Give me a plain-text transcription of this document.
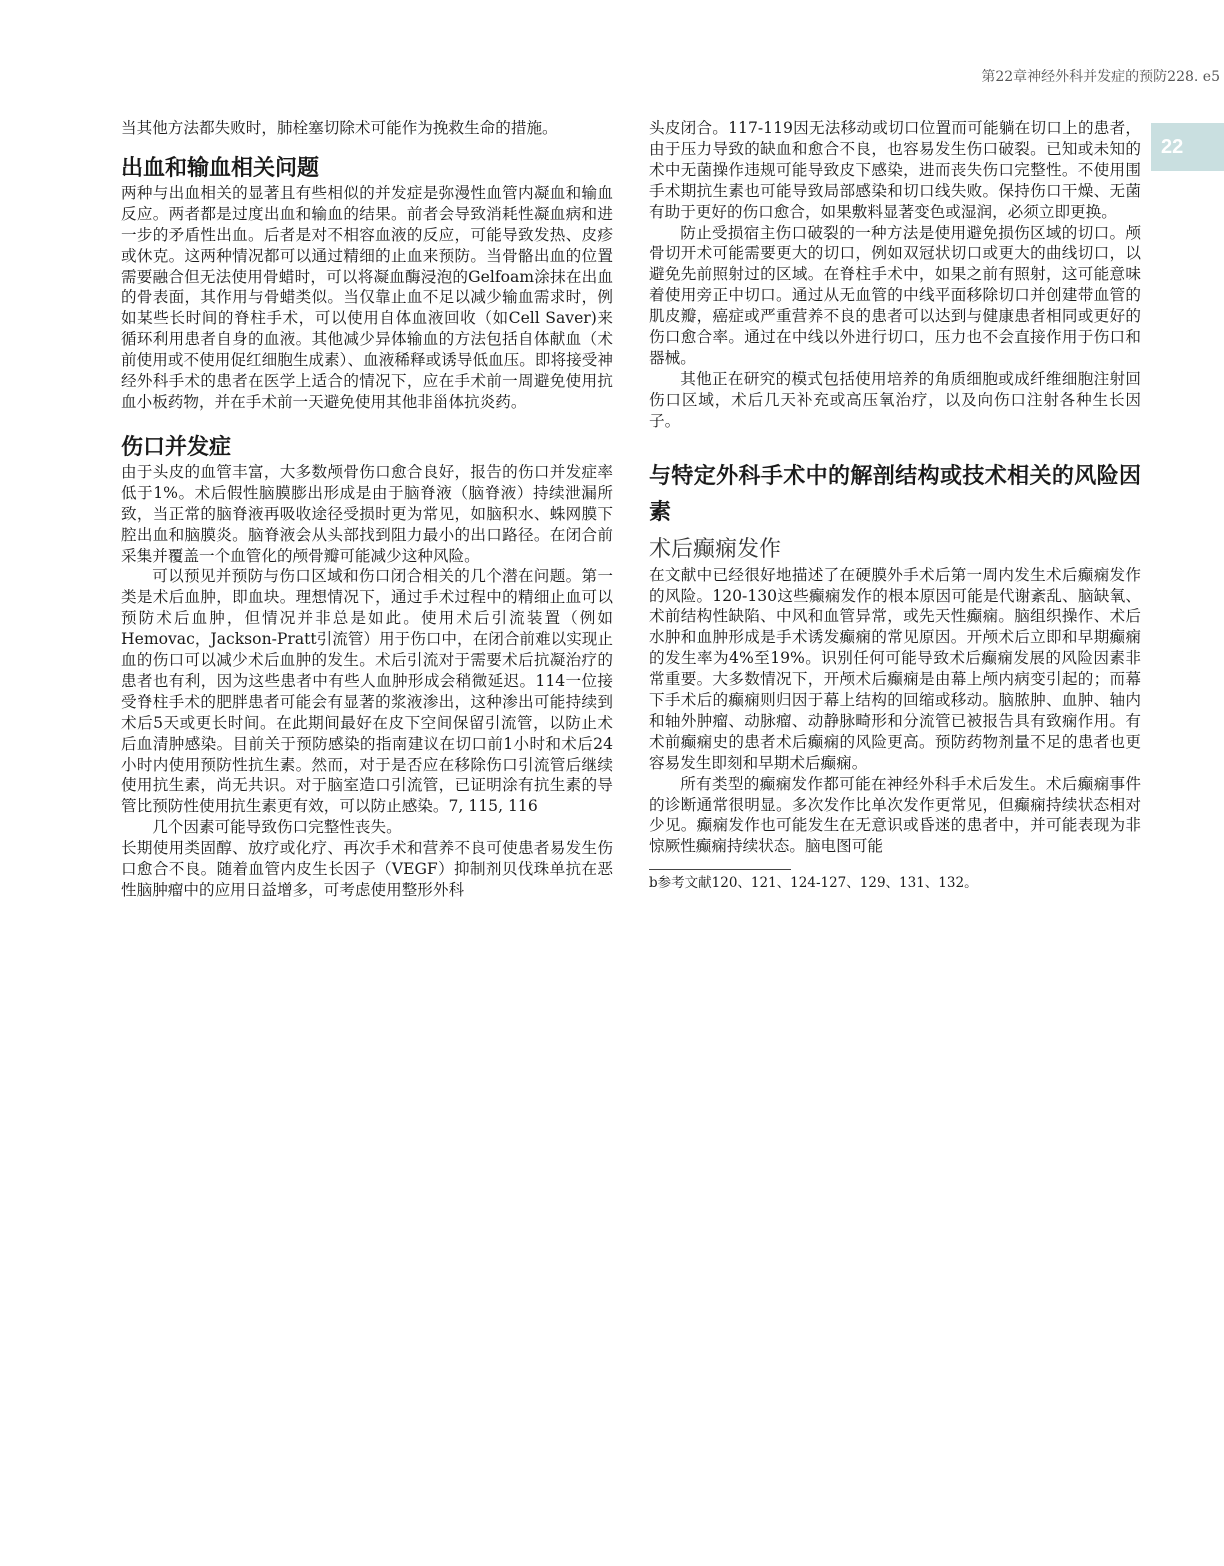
第22章神经外科并发症的预防228. e5
22

当其他方法都失败时，肺栓塞切除术可能作为挽救生命的措施。

出血和输血相关问题

两种与出血相关的显著且有些相似的并发症是弥漫性血管内凝血和输血反应。两者都是过度出血和输血的结果。前者会导致消耗性凝血病和进一步的矛盾性出血。后者是对不相容血液的反应，可能导致发热、皮疹或休克。这两种情况都可以通过精细的止血来预防。当骨骼出血的位置需要融合但无法使用骨蜡时，可以将凝血酶浸泡的Gelfoam涂抹在出血的骨表面，其作用与骨蜡类似。当仅靠止血不足以减少输血需求时，例如某些长时间的脊柱手术，可以使用自体血液回收（如Cell Saver)来循环利用患者自身的血液。其他减少异体输血的方法包括自体献血（术前使用或不使用促红细胞生成素）、血液稀释或诱导低血压。即将接受神经外科手术的患者在医学上适合的情况下，应在手术前一周避免使用抗血小板药物，并在手术前一天避免使用其他非甾体抗炎药。

伤口并发症

由于头皮的血管丰富，大多数颅骨伤口愈合良好，报告的伤口并发症率低于1%。术后假性脑膜膨出形成是由于脑脊液（脑脊液）持续泄漏所致，当正常的脑脊液再吸收途径受损时更为常见，如脑积水、蛛网膜下腔出血和脑膜炎。脑脊液会从头部找到阻力最小的出口路径。在闭合前采集并覆盖一个血管化的颅骨瓣可能减少这种风险。

可以预见并预防与伤口区域和伤口闭合相关的几个潜在问题。第一类是术后血肿，即血块。理想情况下，通过手术过程中的精细止血可以预防术后血肿，但情况并非总是如此。使用术后引流装置（例如Hemovac，Jackson-Pratt引流管）用于伤口中，在闭合前难以实现止血的伤口可以减少术后血肿的发生。术后引流对于需要术后抗凝治疗的患者也有利，因为这些患者中有些人血肿形成会稍微延迟。114一位接受脊柱手术的肥胖患者可能会有显著的浆液渗出，这种渗出可能持续到术后5天或更长时间。在此期间最好在皮下空间保留引流管，以防止术后血清肿感染。目前关于预防感染的指南建议在切口前1小时和术后24小时内使用预防性抗生素。然而，对于是否应在移除伤口引流管后继续使用抗生素，尚无共识。对于脑室造口引流管，已证明涂有抗生素的导管比预防性使用抗生素更有效，可以防止感染。7, 115, 116

几个因素可能导致伤口完整性丧失。

长期使用类固醇、放疗或化疗、再次手术和营养不良可使患者易发生伤口愈合不良。随着血管内皮生长因子（VEGF）抑制剂贝伐珠单抗在恶性脑肿瘤中的应用日益增多，可考虑使用整形外科

头皮闭合。117-119因无法移动或切口位置而可能躺在切口上的患者，由于压力导致的缺血和愈合不良，也容易发生伤口破裂。已知或未知的术中无菌操作违规可能导致皮下感染，进而丧失伤口完整性。不使用围手术期抗生素也可能导致局部感染和切口线失败。保持伤口干燥、无菌有助于更好的伤口愈合，如果敷料显著变色或湿润，必须立即更换。

防止受损宿主伤口破裂的一种方法是使用避免损伤区域的切口。颅骨切开术可能需要更大的切口，例如双冠状切口或更大的曲线切口，以避免先前照射过的区域。在脊柱手术中，如果之前有照射，这可能意味着使用旁正中切口。通过从无血管的中线平面移除切口并创建带血管的肌皮瓣，癌症或严重营养不良的患者可以达到与健康患者相同或更好的伤口愈合率。通过在中线以外进行切口，压力也不会直接作用于伤口和器械。

其他正在研究的模式包括使用培养的角质细胞或成纤维细胞注射回伤口区域，术后几天补充或高压氧治疗，以及向伤口注射各种生长因子。

与特定外科手术中的解剖结构或技术相关的风险因素
术后癫痫发作

在文献中已经很好地描述了在硬膜外手术后第一周内发生术后癫痫发作的风险。120-130这些癫痫发作的根本原因可能是代谢紊乱、脑缺氧、术前结构性缺陷、中风和血管异常，或先天性癫痫。脑组织操作、术后水肿和血肿形成是手术诱发癫痫的常见原因。开颅术后立即和早期癫痫的发生率为4%至19%。识别任何可能导致术后癫痫发展的风险因素非常重要。大多数情况下，开颅术后癫痫是由幕上颅内病变引起的；而幕下手术后的癫痫则归因于幕上结构的回缩或移动。脑脓肿、血肿、轴内和轴外肿瘤、动脉瘤、动静脉畸形和分流管已被报告具有致痫作用。有术前癫痫史的患者术后癫痫的风险更高。预防药物剂量不足的患者也更容易发生即刻和早期术后癫痫。

所有类型的癫痫发作都可能在神经外科手术后发生。术后癫痫事件的诊断通常很明显。多次发作比单次发作更常见，但癫痫持续状态相对少见。癫痫发作也可能发生在无意识或昏迷的患者中，并可能表现为非惊厥性癫痫持续状态。脑电图可能

b参考文献120、121、124-127、129、131、132。
